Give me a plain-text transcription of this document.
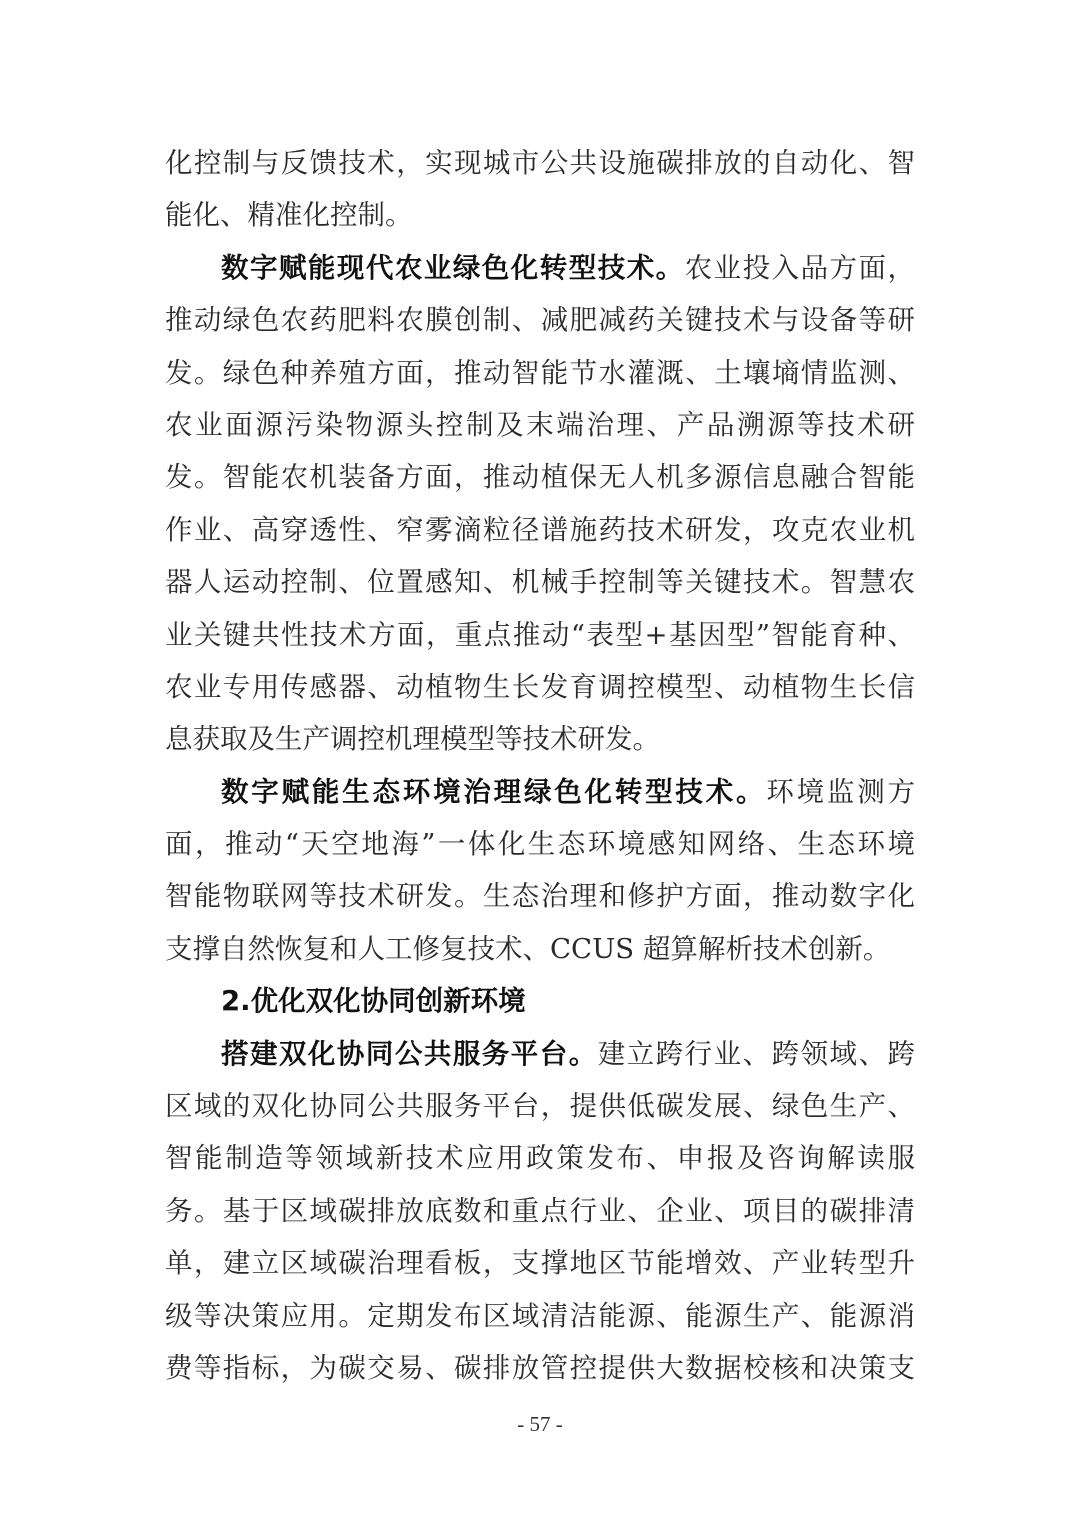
化控制与反馈技术，实现城市公共设施碳排放的自动化、智
能化、精准化控制。
数字赋能现代农业绿色化转型技术。农业投入品方面，
推动绿色农药肥料农膜创制、减肥减药关键技术与设备等研
发。绿色种养殖方面，推动智能节水灌溉、土壤墒情监测、
农业面源污染物源头控制及末端治理、产品溯源等技术研
发。智能农机装备方面，推动植保无人机多源信息融合智能
作业、高穿透性、窄雾滴粒径谱施药技术研发，攻克农业机
器人运动控制、位置感知、机械手控制等关键技术。智慧农
业关键共性技术方面，重点推动“表型+基因型”智能育种、
农业专用传感器、动植物生长发育调控模型、动植物生长信
息获取及生产调控机理模型等技术研发。
数字赋能生态环境治理绿色化转型技术。环境监测方
面，推动“天空地海”一体化生态环境感知网络、生态环境
智能物联网等技术研发。生态治理和修护方面，推动数字化
支撑自然恢复和人工修复技术、CCUS 超算解析技术创新。
2.优化双化协同创新环境
搭建双化协同公共服务平台。建立跨行业、跨领域、跨
区域的双化协同公共服务平台，提供低碳发展、绿色生产、
智能制造等领域新技术应用政策发布、申报及咨询解读服
务。基于区域碳排放底数和重点行业、企业、项目的碳排清
单，建立区域碳治理看板，支撑地区节能增效、产业转型升
级等决策应用。定期发布区域清洁能源、能源生产、能源消
费等指标，为碳交易、碳排放管控提供大数据校核和决策支
- 57 -
